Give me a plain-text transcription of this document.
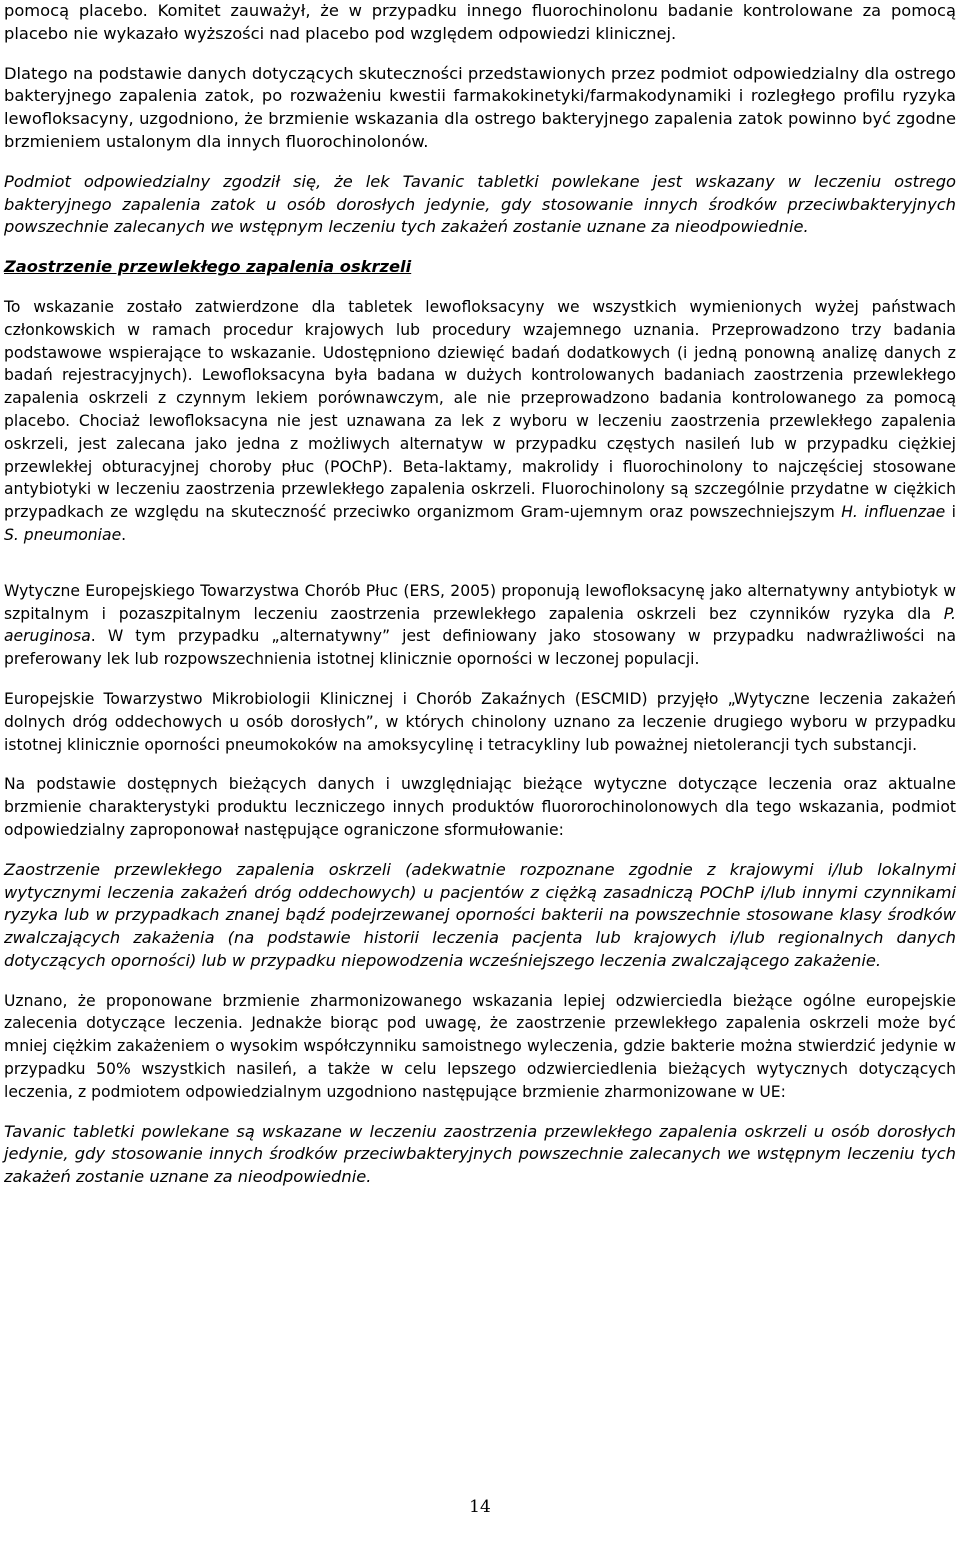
pomocą placebo. Komitet zauważył, że w przypadku innego fluorochinolonu badanie kontrolowane za pomocą placebo nie wykazało wyższości nad placebo pod względem odpowiedzi klinicznej.

Dlatego na podstawie danych dotyczących skuteczności przedstawionych przez podmiot odpowiedzialny dla ostrego bakteryjnego zapalenia zatok, po rozważeniu kwestii farmakokinetyki/farmakodynamiki i rozległego profilu ryzyka lewofloksacyny, uzgodniono, że brzmienie wskazania dla ostrego bakteryjnego zapalenia zatok powinno być zgodne brzmieniem ustalonym dla innych fluorochinolonów.

Podmiot odpowiedzialny zgodził się, że lek Tavanic tabletki powlekane jest wskazany w leczeniu ostrego bakteryjnego zapalenia zatok u osób dorosłych jedynie, gdy stosowanie innych środków przeciwbakteryjnych powszechnie zalecanych we wstępnym leczeniu tych zakażeń zostanie uznane za nieodpowiednie.

Zaostrzenie przewlekłego zapalenia oskrzeli

To wskazanie zostało zatwierdzone dla tabletek lewofloksacyny we wszystkich wymienionych wyżej państwach członkowskich w ramach procedur krajowych lub procedury wzajemnego uznania. Przeprowadzono trzy badania podstawowe wspierające to wskazanie. Udostępniono dziewięć badań dodatkowych (i jedną ponowną analizę danych z badań rejestracyjnych). Lewofloksacyna była badana w dużych kontrolowanych badaniach zaostrzenia przewlekłego zapalenia oskrzeli z czynnym lekiem porównawczym, ale nie przeprowadzono badania kontrolowanego za pomocą placebo. Chociaż lewofloksacyna nie jest uznawana za lek z wyboru w leczeniu zaostrzenia przewlekłego zapalenia oskrzeli, jest zalecana jako jedna z możliwych alternatyw w przypadku częstych nasileń lub w przypadku ciężkiej przewlekłej obturacyjnej choroby płuc (POChP). Beta-laktamy, makrolidy i fluorochinolony to najczęściej stosowane antybiotyki w leczeniu zaostrzenia przewlekłego zapalenia oskrzeli. Fluorochinolony są szczególnie przydatne w ciężkich przypadkach ze względu na skuteczność przeciwko organizmom Gram-ujemnym oraz powszechniejszym H. influenzae i S. pneumoniae.

Wytyczne Europejskiego Towarzystwa Chorób Płuc (ERS, 2005) proponują lewofloksacynę jako alternatywny antybiotyk w szpitalnym i pozaszpitalnym leczeniu zaostrzenia przewlekłego zapalenia oskrzeli bez czynników ryzyka dla P. aeruginosa. W tym przypadku „alternatywny” jest definiowany jako stosowany w przypadku nadwrażliwości na preferowany lek lub rozpowszechnienia istotnej klinicznie oporności w leczonej populacji.

Europejskie Towarzystwo Mikrobiologii Klinicznej i Chorób Zakaźnych (ESCMID) przyjęło „Wytyczne leczenia zakażeń dolnych dróg oddechowych u osób dorosłych”, w których chinolony uznano za leczenie drugiego wyboru w przypadku istotnej klinicznie oporności pneumokoków na amoksycylinę i tetracykliny lub poważnej nietolerancji tych substancji.

Na podstawie dostępnych bieżących danych i uwzględniając bieżące wytyczne dotyczące leczenia oraz aktualne brzmienie charakterystyki produktu leczniczego innych produktów fluororochinolonowych dla tego wskazania, podmiot odpowiedzialny zaproponował następujące ograniczone sformułowanie:

Zaostrzenie przewlekłego zapalenia oskrzeli (adekwatnie rozpoznane zgodnie z krajowymi i/lub lokalnymi wytycznymi leczenia zakażeń dróg oddechowych) u pacjentów z ciężką zasadniczą POChP i/lub innymi czynnikami ryzyka lub w przypadkach znanej bądź podejrzewanej oporności bakterii na powszechnie stosowane klasy środków zwalczających zakażenia (na podstawie historii leczenia pacjenta lub krajowych i/lub regionalnych danych dotyczących oporności) lub w przypadku niepowodzenia wcześniejszego leczenia zwalczającego zakażenie.

Uznano, że proponowane brzmienie zharmonizowanego wskazania lepiej odzwierciedla bieżące ogólne europejskie zalecenia dotyczące leczenia. Jednakże biorąc pod uwagę, że zaostrzenie przewlekłego zapalenia oskrzeli może być mniej ciężkim zakażeniem o wysokim współczynniku samoistnego wyleczenia, gdzie bakterie można stwierdzić jedynie w przypadku 50% wszystkich nasileń, a także w celu lepszego odzwierciedlenia bieżących wytycznych dotyczących leczenia, z podmiotem odpowiedzialnym uzgodniono następujące brzmienie zharmonizowane w UE:

Tavanic tabletki powlekane są wskazane w leczeniu zaostrzenia przewlekłego zapalenia oskrzeli u osób dorosłych jedynie, gdy stosowanie innych środków przeciwbakteryjnych powszechnie zalecanych we wstępnym leczeniu tych zakażeń zostanie uznane za nieodpowiednie.

14
